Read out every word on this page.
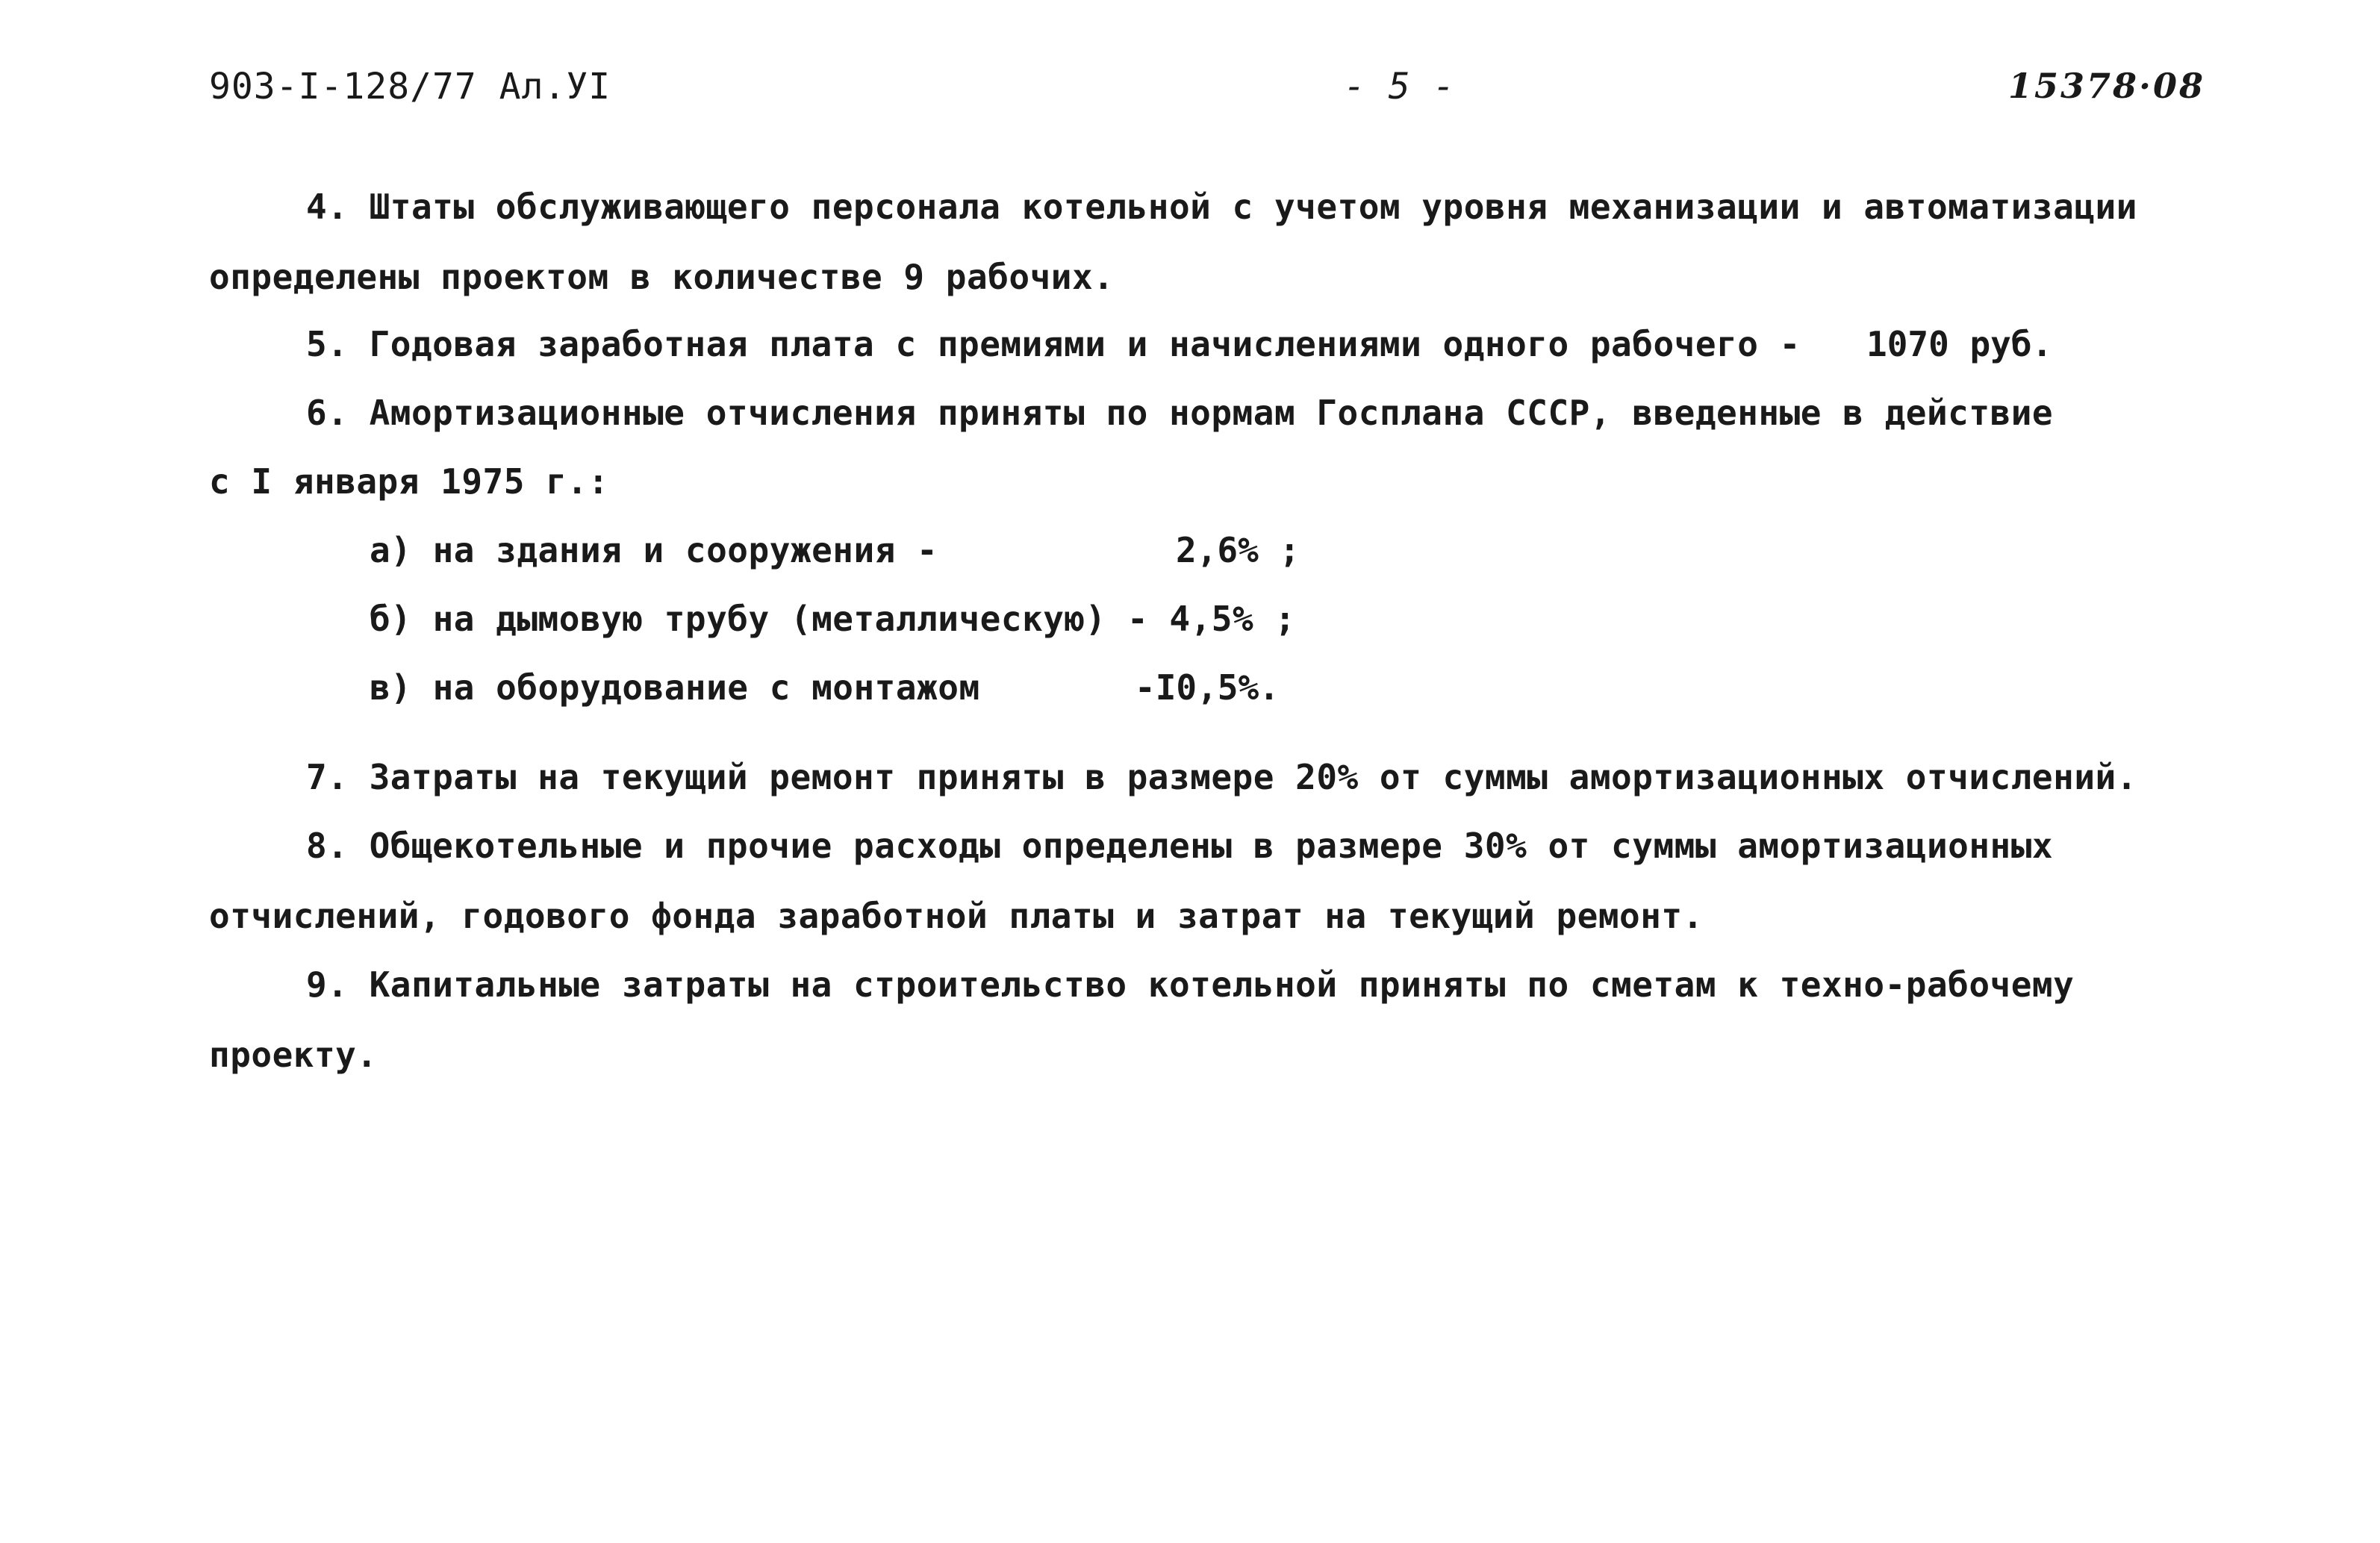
903-I-128/77 Ал.УI	- 5 -	15378·08
4. Штаты обслуживающего персонала котельной с учетом уровня механизации и автоматизации
определены проектом в количестве 9 рабочих.
5. Годовая заработная плата с премиями и начислениями одного рабочего - 1070 руб.
6. Амортизационные отчисления приняты по нормам Госплана СССР, введенные в действие
с I января 1975 г.:
а) на здания и сооружения -	2,6% ;
б) на дымовую трубу (металлическую) - 4,5% ;
в) на оборудование с монтажом	-I0,5%.
7. Затраты на текущий ремонт приняты в размере 20% от суммы амортизационных отчислений.
8. Общекотельные и прочие расходы определены в размере 30% от суммы амортизационных
отчислений, годового фонда заработной платы и затрат на текущий ремонт.
9. Капитальные затраты на строительство котельной приняты по сметам к техно-рабочему
проекту.
